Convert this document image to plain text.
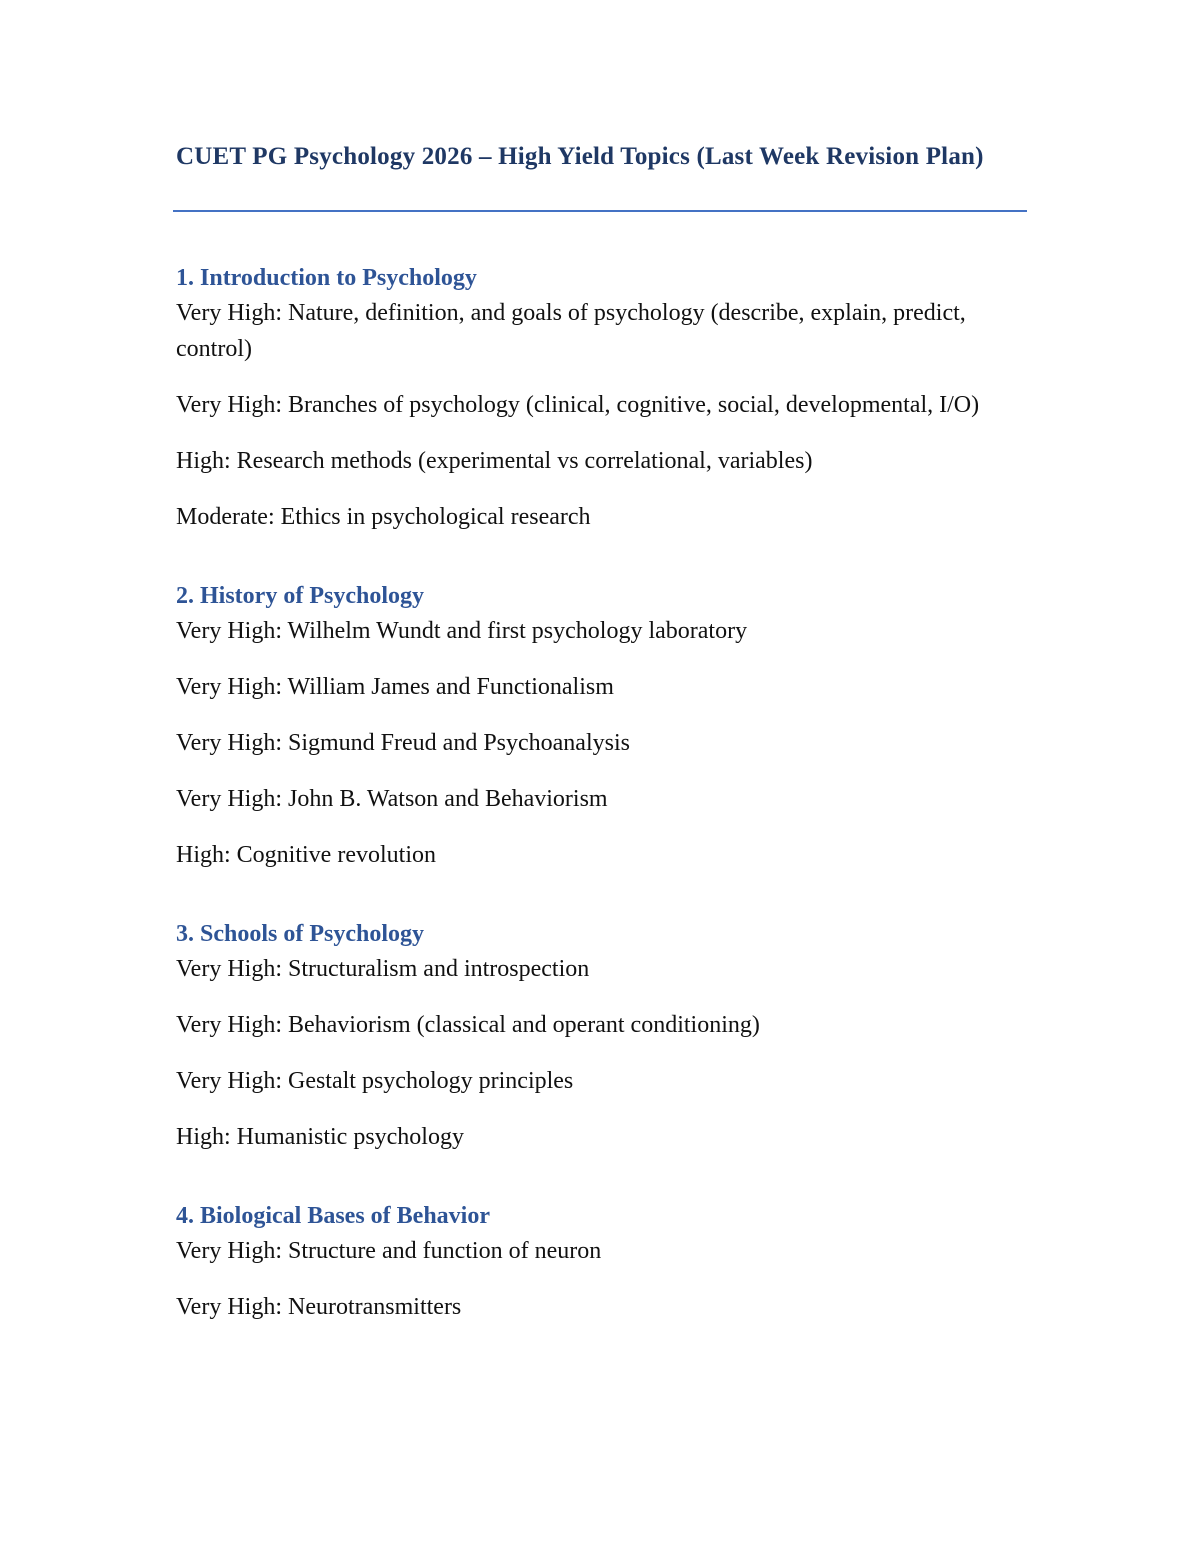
CUET PG Psychology 2026 – High Yield Topics (Last Week Revision Plan)
1. Introduction to Psychology

Very High: Nature, definition, and goals of psychology (describe, explain, predict, control)

Very High: Branches of psychology (clinical, cognitive, social, developmental, I/O)

High: Research methods (experimental vs correlational, variables)

Moderate: Ethics in psychological research

2. History of Psychology

Very High: Wilhelm Wundt and first psychology laboratory

Very High: William James and Functionalism

Very High: Sigmund Freud and Psychoanalysis

Very High: John B. Watson and Behaviorism

High: Cognitive revolution

3. Schools of Psychology

Very High: Structuralism and introspection

Very High: Behaviorism (classical and operant conditioning)

Very High: Gestalt psychology principles

High: Humanistic psychology

4. Biological Bases of Behavior

Very High: Structure and function of neuron

Very High: Neurotransmitters
